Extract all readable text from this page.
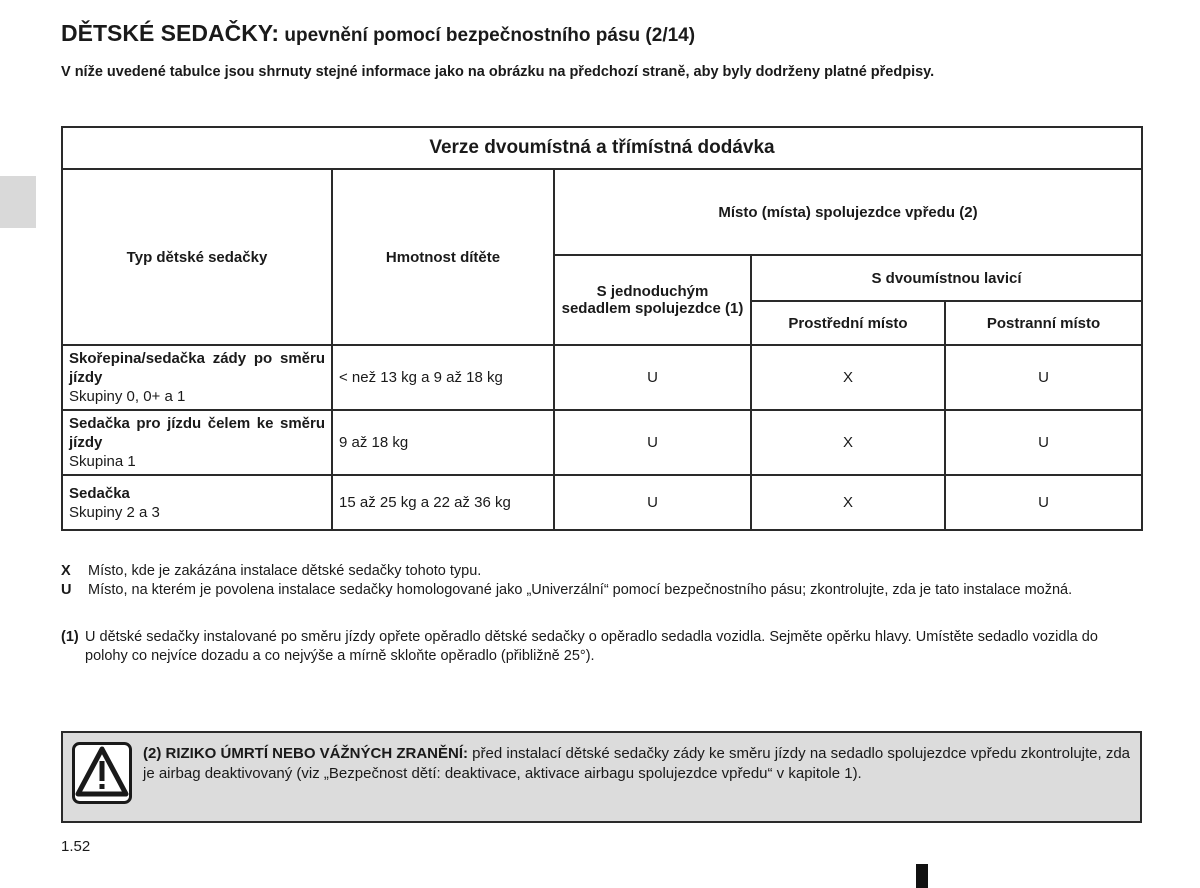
DĚTSKÉ SEDAČKY: upevnění pomocí bezpečnostního pásu (2/14)
V níže uvedené tabulce jsou shrnuty stejné informace jako na obrázku na předchozí straně, aby byly dodrženy platné předpisy.
Verze dvoumístná a třímístná dodávka				
Typ dětské sedačky	Hmotnost dítěte	Místo (místa) spolujezdce vpředu (2)		
		S jednoduchým sedadlem spolujezdce (1)	S dvoumístnou lavicí	
			Prostřední místo	Postranní místo
Skořepina/sedačka zády po směru jízdy
Skupiny 0, 0+ a 1	< než 13 kg a 9 až 18 kg	U	X	U
Sedačka pro jízdu čelem ke směru jízdy
Skupina 1	9 až 18 kg	U	X	U
Sedačka
Skupiny 2 a 3	15 až 25 kg a 22 až 36 kg	U	X	U
X	Místo, kde je zakázána instalace dětské sedačky tohoto typu.
U	Místo, na kterém je povolena instalace sedačky homologované jako „Univerzální“ pomocí bezpečnostního pásu; zkontrolujte, zda je tato instalace možná.
(1) U dětské sedačky instalované po směru jízdy opřete opěradlo dětské sedačky o opěradlo sedadla vozidla. Sejměte opěrku hlavy. Umístěte sedadlo vozidla do polohy co nejvíce dozadu a co nejvýše a mírně skloňte opěradlo (přibližně 25°).
(2) RIZIKO ÚMRTÍ NEBO VÁŽNÝCH ZRANĚNÍ: před instalací dětské sedačky zády ke směru jízdy na sedadlo spolujezdce vpředu zkontrolujte, zda je airbag deaktivovaný (viz „Bezpečnost dětí: deaktivace, aktivace airbagu spolujezdce vpředu“ v kapitole 1).
1.52
